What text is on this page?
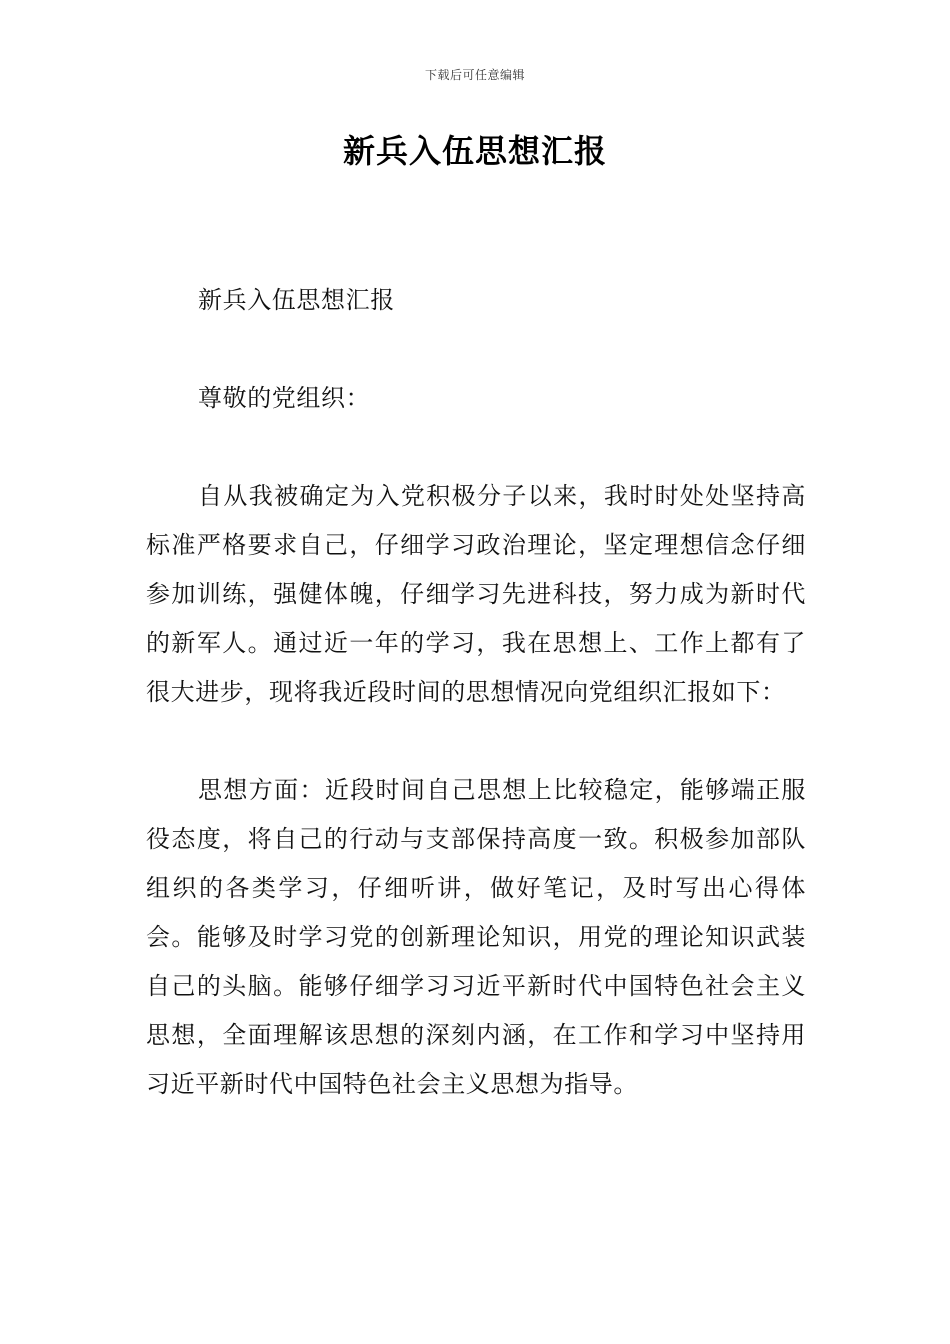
下载后可任意编辑
新兵入伍思想汇报

新兵入伍思想汇报

尊敬的党组织：

自从我被确定为入党积极分子以来，我时时处处坚持高标准严格要求自己，仔细学习政治理论，坚定理想信念仔细参加训练，强健体魄，仔细学习先进科技，努力成为新时代的新军人。通过近一年的学习，我在思想上、工作上都有了很大进步，现将我近段时间的思想情况向党组织汇报如下：

思想方面：近段时间自己思想上比较稳定，能够端正服役态度，将自己的行动与支部保持高度一致。积极参加部队组织的各类学习，仔细听讲，做好笔记，及时写出心得体会。能够及时学习党的创新理论知识，用党的理论知识武装自己的头脑。能够仔细学习习近平新时代中国特色社会主义思想，全面理解该思想的深刻内涵，在工作和学习中坚持用习近平新时代中国特色社会主义思想为指导。
